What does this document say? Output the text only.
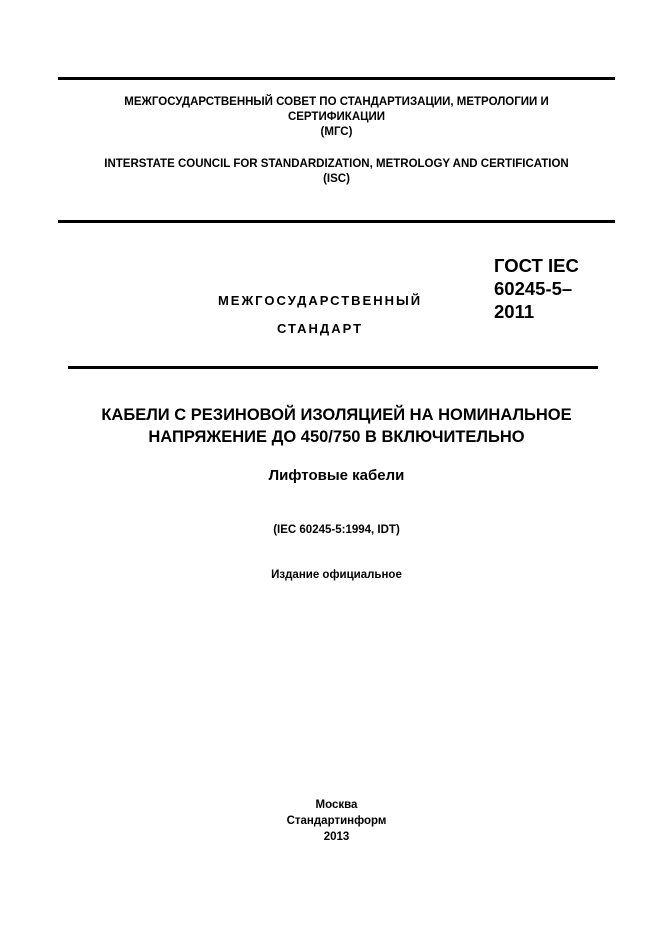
МЕЖГОСУДАРСТВЕННЫЙ СОВЕТ ПО СТАНДАРТИЗАЦИИ, МЕТРОЛОГИИ И
СЕРТИФИКАЦИИ
(МГС)
INTERSTATE COUNCIL FOR STANDARDIZATION, METROLOGY AND CERTIFICATION
(ISC)
МЕЖГОСУДАРСТВЕННЫЙ
СТАНДАРТ
ГОСТ IEC
60245-5–
2011
КАБЕЛИ С РЕЗИНОВОЙ ИЗОЛЯЦИЕЙ НА НОМИНАЛЬНОЕ
НАПРЯЖЕНИЕ ДО 450/750 В ВКЛЮЧИТЕЛЬНО
Лифтовые кабели
(IEC 60245-5:1994, IDT)
Издание официальное
Москва
Стандартинформ
2013
